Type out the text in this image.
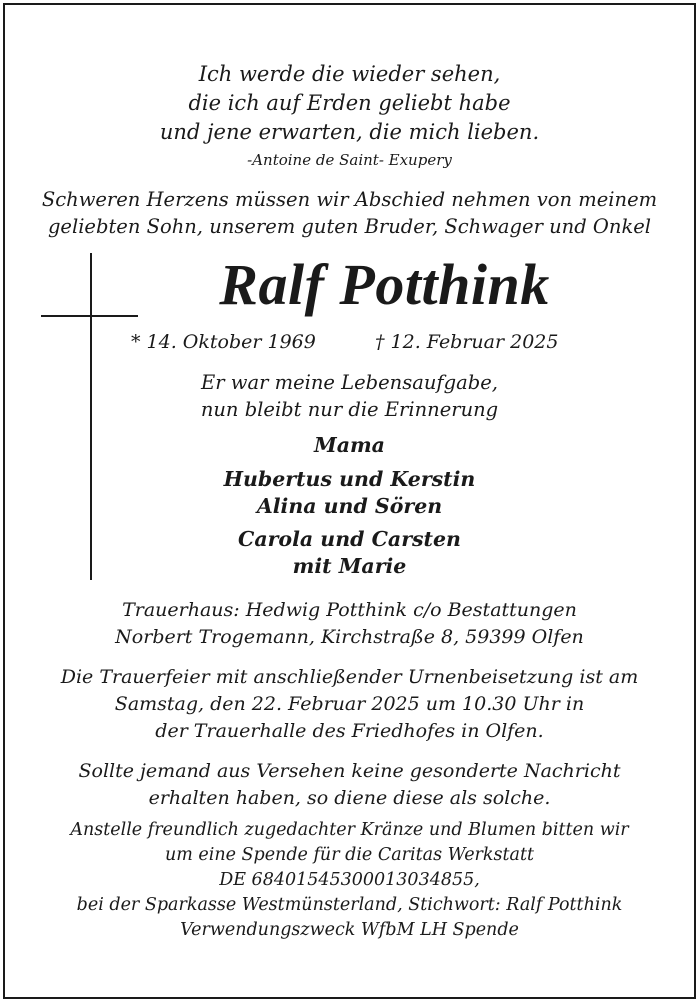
Ich werde die wieder sehen,
die ich auf Erden geliebt habe
und jene erwarten, die mich lieben.
-Antoine de Saint- Exupery
Schweren Herzens müssen wir Abschied nehmen von meinem
geliebten Sohn, unserem guten Bruder, Schwager und Onkel
Ralf Potthink
* 14. Oktober 1969	† 12. Februar 2025
Er war meine Lebensaufgabe,
nun bleibt nur die Erinnerung
Mama
Hubertus und Kerstin
Alina und Sören
Carola und Carsten
mit Marie
Trauerhaus: Hedwig Potthink c/o Bestattungen
Norbert Trogemann, Kirchstraße 8, 59399 Olfen
Die Trauerfeier mit anschließender Urnenbeisetzung ist am
Samstag, den 22. Februar 2025 um 10.30 Uhr in
der Trauerhalle des Friedhofes in Olfen.
Sollte jemand aus Versehen keine gesonderte Nachricht
erhalten haben, so diene diese als solche.
Anstelle freundlich zugedachter Kränze und Blumen bitten wir
um eine Spende für die Caritas Werkstatt
DE 68401545300013034855,
bei der Sparkasse Westmünsterland, Stichwort: Ralf Potthink
Verwendungszweck WfbM LH Spende
